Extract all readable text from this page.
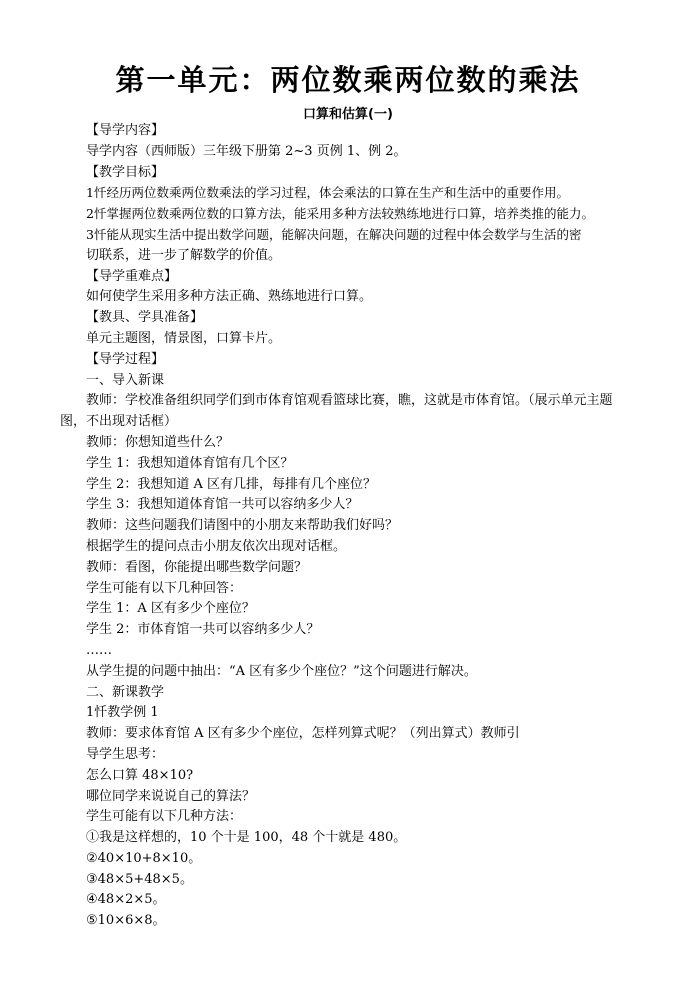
第一单元：两位数乘两位数的乘法
口算和估算(一)
【导学内容】
导学内容（西师版）三年级下册第 2~3 页例 1、例 2。
【教学目标】
1忏经历两位数乘两位数乘法的学习过程，体会乘法的口算在生产和生活中的重要作用。
2忏掌握两位数乘两位数的口算方法，能采用多种方法较熟练地进行口算，培养类推的能力。
3忏能从现实生活中提出数学问题，能解决问题，在解决问题的过程中体会数学与生活的密
切联系，进一步了解数学的价值。
【导学重难点】
如何使学生采用多种方法正确、熟练地进行口算。
【教具、学具准备】
单元主题图，情景图，口算卡片。
【导学过程】
一、导入新课
教师：学校准备组织同学们到市体育馆观看篮球比赛，瞧，这就是市体育馆。（展示单元主题
图，不出现对话框）
教师：你想知道些什么？
学生 1：我想知道体育馆有几个区？
学生 2：我想知道 A 区有几排，每排有几个座位？
学生 3：我想知道体育馆一共可以容纳多少人？
教师：这些问题我们请图中的小朋友来帮助我们好吗？
根据学生的提问点击小朋友依次出现对话框。
教师：看图，你能提出哪些数学问题？
学生可能有以下几种回答：
学生 1：A 区有多少个座位？
学生 2：市体育馆一共可以容纳多少人？
……
从学生提的问题中抽出：“A 区有多少个座位？”这个问题进行解决。
二、新课教学
1忏教学例 1
教师：要求体育馆 A 区有多少个座位，怎样列算式呢？（列出算式）教师引
导学生思考：
怎么口算 48×10?
哪位同学来说说自己的算法？
学生可能有以下几种方法：
①我是这样想的，10 个十是 100，48 个十就是 480。
②40×10+8×10。
③48×5+48×5。
④48×2×5。
⑤10×6×8。
